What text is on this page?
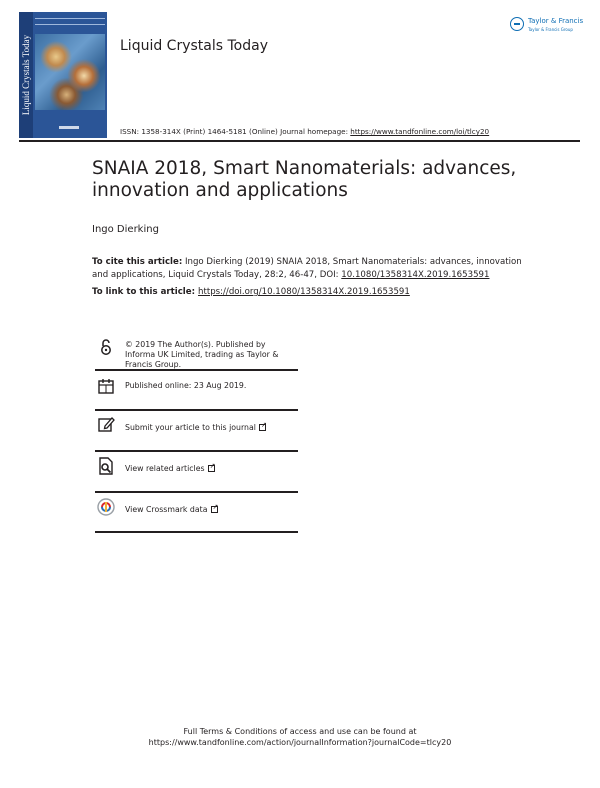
Liquid Crystals Today	Liquid Crystals Today
Taylor & Francis
Taylor & Francis Group
ISSN: 1358-314X (Print) 1464-5181 (Online) Journal homepage: https://www.tandfonline.com/loi/tlcy20
SNAIA 2018, Smart Nanomaterials: advances, innovation and applications
Ingo Dierking
To cite this article: Ingo Dierking (2019) SNAIA 2018, Smart Nanomaterials: advances, innovation and applications, Liquid Crystals Today, 28:2, 46-47, DOI: 10.1080/1358314X.2019.1653591
To link to this article: https://doi.org/10.1080/1358314X.2019.1653591
© 2019 The Author(s). Published by Informa UK Limited, trading as Taylor & Francis Group.
Published online: 23 Aug 2019.
Submit your article to this journal↗
View related articles↗
View Crossmark data↗
Full Terms & Conditions of access and use can be found at
https://www.tandfonline.com/action/journalInformation?journalCode=tlcy20
